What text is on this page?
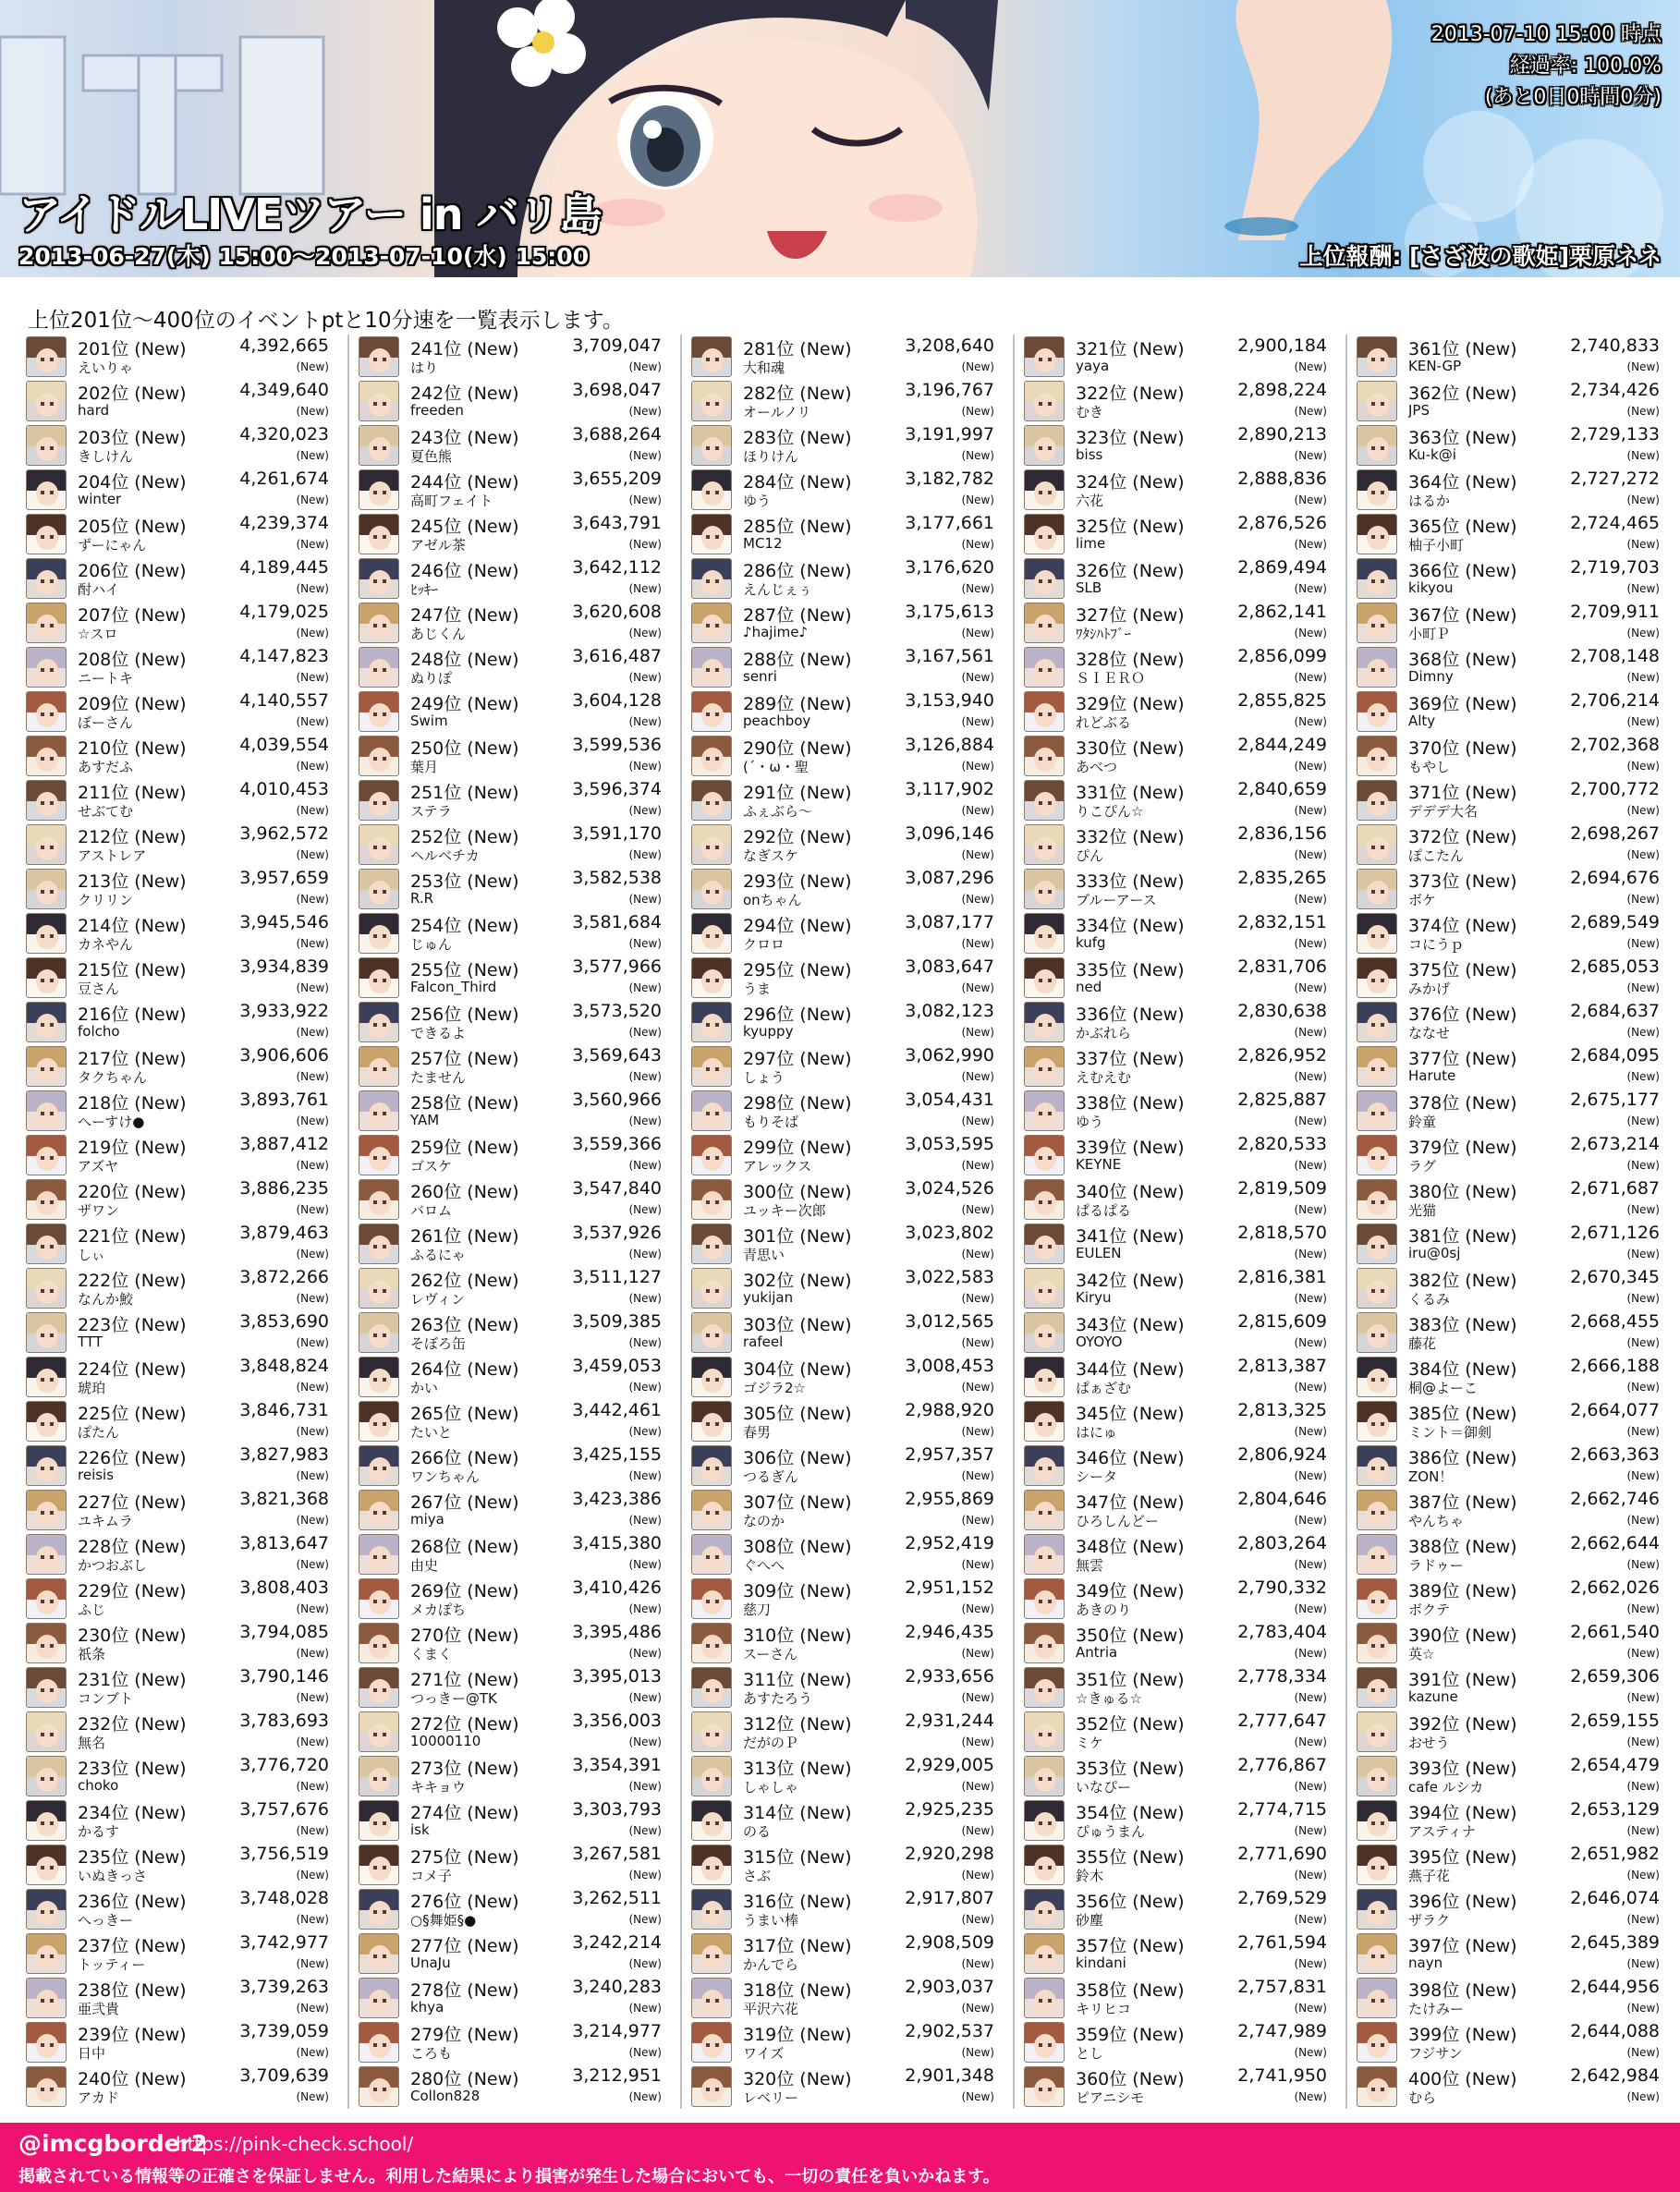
2013-07-10 15:00 時点
経過率: 100.0%
(あと0日0時間0分)
アイドルLIVEツアー in バリ島
2013-06-27(木) 15:00～2013-07-10(水) 15:00	上位報酬: [さざ波の歌姫]栗原ネネ
上位201位～400位のイベントptと10分速を一覧表示します。
201位 (New)	4,392,665
えいりゃ	(New)
202位 (New)	4,349,640
hard	(New)
203位 (New)	4,320,023
きしけん	(New)
204位 (New)	4,261,674
winter	(New)
205位 (New)	4,239,374
ずーにゃん	(New)
206位 (New)	4,189,445
酎ハイ	(New)
207位 (New)	4,179,025
☆スロ	(New)
208位 (New)	4,147,823
ニートキ	(New)
209位 (New)	4,140,557
ぼーさん	(New)
210位 (New)	4,039,554
あすだふ	(New)
211位 (New)	4,010,453
せぶてむ	(New)
212位 (New)	3,962,572
アストレア	(New)
213位 (New)	3,957,659
クリリン	(New)
214位 (New)	3,945,546
カネやん	(New)
215位 (New)	3,934,839
豆さん	(New)
216位 (New)	3,933,922
folcho	(New)
217位 (New)	3,906,606
タクちゃん	(New)
218位 (New)	3,893,761
へーすけ●	(New)
219位 (New)	3,887,412
アズヤ	(New)
220位 (New)	3,886,235
ザワン	(New)
221位 (New)	3,879,463
しぃ	(New)
222位 (New)	3,872,266
なんか鮫	(New)
223位 (New)	3,853,690
TTT	(New)
224位 (New)	3,848,824
琥珀	(New)
225位 (New)	3,846,731
ぽたん	(New)
226位 (New)	3,827,983
reisis	(New)
227位 (New)	3,821,368
ユキムラ	(New)
228位 (New)	3,813,647
かつおぶし	(New)
229位 (New)	3,808,403
ふじ	(New)
230位 (New)	3,794,085
祇条	(New)
231位 (New)	3,790,146
コンブト	(New)
232位 (New)	3,783,693
無名	(New)
233位 (New)	3,776,720
choko	(New)
234位 (New)	3,757,676
かるす	(New)
235位 (New)	3,756,519
いぬきっさ	(New)
236位 (New)	3,748,028
へっきー	(New)
237位 (New)	3,742,977
トッティー	(New)
238位 (New)	3,739,263
亜弐貴	(New)
239位 (New)	3,739,059
日中	(New)
240位 (New)	3,709,639
アカド	(New)
241位 (New)	3,709,047
はり	(New)
242位 (New)	3,698,047
freeden	(New)
243位 (New)	3,688,264
夏色熊	(New)
244位 (New)	3,655,209
高町フェイト	(New)
245位 (New)	3,643,791
アゼル茶	(New)
246位 (New)	3,642,112
ﾋｯｷｰ	(New)
247位 (New)	3,620,608
あじくん	(New)
248位 (New)	3,616,487
ぬりぽ	(New)
249位 (New)	3,604,128
Swim	(New)
250位 (New)	3,599,536
葉月	(New)
251位 (New)	3,596,374
ステラ	(New)
252位 (New)	3,591,170
ヘルベチカ	(New)
253位 (New)	3,582,538
R.R	(New)
254位 (New)	3,581,684
じゅん	(New)
255位 (New)	3,577,966
Falcon_Third	(New)
256位 (New)	3,573,520
できるよ	(New)
257位 (New)	3,569,643
たません	(New)
258位 (New)	3,560,966
YAM	(New)
259位 (New)	3,559,366
ゴスケ	(New)
260位 (New)	3,547,840
バロム	(New)
261位 (New)	3,537,926
ふるにゃ	(New)
262位 (New)	3,511,127
レヴィン	(New)
263位 (New)	3,509,385
そぼろ缶	(New)
264位 (New)	3,459,053
かい	(New)
265位 (New)	3,442,461
たいと	(New)
266位 (New)	3,425,155
ワンちゃん	(New)
267位 (New)	3,423,386
miya	(New)
268位 (New)	3,415,380
由史	(New)
269位 (New)	3,410,426
メカぽち	(New)
270位 (New)	3,395,486
くまく	(New)
271位 (New)	3,395,013
つっきー@TK	(New)
272位 (New)	3,356,003
10000110	(New)
273位 (New)	3,354,391
キキョウ	(New)
274位 (New)	3,303,793
isk	(New)
275位 (New)	3,267,581
コメ子	(New)
276位 (New)	3,262,511
○§舞姫§●	(New)
277位 (New)	3,242,214
UnaJu	(New)
278位 (New)	3,240,283
khya	(New)
279位 (New)	3,214,977
ころも	(New)
280位 (New)	3,212,951
Collon828	(New)
281位 (New)	3,208,640
大和魂	(New)
282位 (New)	3,196,767
オールノリ	(New)
283位 (New)	3,191,997
ほりけん	(New)
284位 (New)	3,182,782
ゆう	(New)
285位 (New)	3,177,661
MC12	(New)
286位 (New)	3,176,620
えんじぇぅ	(New)
287位 (New)	3,175,613
♪hajime♪	(New)
288位 (New)	3,167,561
senri	(New)
289位 (New)	3,153,940
peachboy	(New)
290位 (New)	3,126,884
(´・ω・聖	(New)
291位 (New)	3,117,902
ふぇぶら～	(New)
292位 (New)	3,096,146
なぎスケ	(New)
293位 (New)	3,087,296
onちゃん	(New)
294位 (New)	3,087,177
クロロ	(New)
295位 (New)	3,083,647
うま	(New)
296位 (New)	3,082,123
kyuppy	(New)
297位 (New)	3,062,990
しょう	(New)
298位 (New)	3,054,431
もりそば	(New)
299位 (New)	3,053,595
アレックス	(New)
300位 (New)	3,024,526
ユッキー次郎	(New)
301位 (New)	3,023,802
青思い	(New)
302位 (New)	3,022,583
yukijan	(New)
303位 (New)	3,012,565
rafeel	(New)
304位 (New)	3,008,453
ゴジラ2☆	(New)
305位 (New)	2,988,920
春男	(New)
306位 (New)	2,957,357
つるぎん	(New)
307位 (New)	2,955,869
なのか	(New)
308位 (New)	2,952,419
ぐへへ	(New)
309位 (New)	2,951,152
慈刀	(New)
310位 (New)	2,946,435
スーさん	(New)
311位 (New)	2,933,656
あすたろう	(New)
312位 (New)	2,931,244
だがのＰ	(New)
313位 (New)	2,929,005
しゃしゃ	(New)
314位 (New)	2,925,235
のる	(New)
315位 (New)	2,920,298
さぶ	(New)
316位 (New)	2,917,807
うまい棒	(New)
317位 (New)	2,908,509
かんでら	(New)
318位 (New)	2,903,037
平沢六花	(New)
319位 (New)	2,902,537
ワイズ	(New)
320位 (New)	2,901,348
レベリー	(New)
321位 (New)	2,900,184
yaya	(New)
322位 (New)	2,898,224
むき	(New)
323位 (New)	2,890,213
biss	(New)
324位 (New)	2,888,836
六花	(New)
325位 (New)	2,876,526
lime	(New)
326位 (New)	2,869,494
SLB	(New)
327位 (New)	2,862,141
ﾜﾀｼﾊﾄﾌﾞｰ	(New)
328位 (New)	2,856,099
ＳＩＥＲＯ	(New)
329位 (New)	2,855,825
れどぶる	(New)
330位 (New)	2,844,249
あべつ	(New)
331位 (New)	2,840,659
りこぴん☆	(New)
332位 (New)	2,836,156
ぴん	(New)
333位 (New)	2,835,265
ブルーアース	(New)
334位 (New)	2,832,151
kufg	(New)
335位 (New)	2,831,706
ned	(New)
336位 (New)	2,830,638
かぶれら	(New)
337位 (New)	2,826,952
えむえむ	(New)
338位 (New)	2,825,887
ゆう	(New)
339位 (New)	2,820,533
KEYNE	(New)
340位 (New)	2,819,509
ぱるぱる	(New)
341位 (New)	2,818,570
EULEN	(New)
342位 (New)	2,816,381
Kiryu	(New)
343位 (New)	2,815,609
OYOYO	(New)
344位 (New)	2,813,387
ぱぁざむ	(New)
345位 (New)	2,813,325
はにゅ	(New)
346位 (New)	2,806,924
シータ	(New)
347位 (New)	2,804,646
ひろしんどー	(New)
348位 (New)	2,803,264
無雲	(New)
349位 (New)	2,790,332
あきのり	(New)
350位 (New)	2,783,404
Antria	(New)
351位 (New)	2,778,334
☆きゅる☆	(New)
352位 (New)	2,777,647
ミケ	(New)
353位 (New)	2,776,867
いなぴー	(New)
354位 (New)	2,774,715
ぴゅうまん	(New)
355位 (New)	2,771,690
鈴木	(New)
356位 (New)	2,769,529
砂塵	(New)
357位 (New)	2,761,594
kindani	(New)
358位 (New)	2,757,831
キリヒコ	(New)
359位 (New)	2,747,989
とし	(New)
360位 (New)	2,741,950
ピアニシモ	(New)
361位 (New)	2,740,833
KEN-GP	(New)
362位 (New)	2,734,426
JPS	(New)
363位 (New)	2,729,133
Ku-k@i	(New)
364位 (New)	2,727,272
はるか	(New)
365位 (New)	2,724,465
柚子小町	(New)
366位 (New)	2,719,703
kikyou	(New)
367位 (New)	2,709,911
小町Ｐ	(New)
368位 (New)	2,708,148
Dimny	(New)
369位 (New)	2,706,214
Alty	(New)
370位 (New)	2,702,368
もやし	(New)
371位 (New)	2,700,772
デデデ大名	(New)
372位 (New)	2,698,267
ぽこたん	(New)
373位 (New)	2,694,676
ボケ	(New)
374位 (New)	2,689,549
コにうｐ	(New)
375位 (New)	2,685,053
みかげ	(New)
376位 (New)	2,684,637
ななせ	(New)
377位 (New)	2,684,095
Harute	(New)
378位 (New)	2,675,177
鈴童	(New)
379位 (New)	2,673,214
ラグ	(New)
380位 (New)	2,671,687
光猫	(New)
381位 (New)	2,671,126
iru@0sj	(New)
382位 (New)	2,670,345
くるみ	(New)
383位 (New)	2,668,455
藤花	(New)
384位 (New)	2,666,188
桐@よーこ	(New)
385位 (New)	2,664,077
ミント＝御剣	(New)
386位 (New)	2,663,363
ZON！	(New)
387位 (New)	2,662,746
やんちゃ	(New)
388位 (New)	2,662,644
ラドゥー	(New)
389位 (New)	2,662,026
ボクテ	(New)
390位 (New)	2,661,540
英☆	(New)
391位 (New)	2,659,306
kazune	(New)
392位 (New)	2,659,155
おせう	(New)
393位 (New)	2,654,479
cafe ルシカ	(New)
394位 (New)	2,653,129
アスティナ	(New)
395位 (New)	2,651,982
燕子花	(New)
396位 (New)	2,646,074
ザラク	(New)
397位 (New)	2,645,389
nayn	(New)
398位 (New)	2,644,956
たけみー	(New)
399位 (New)	2,644,088
フジサン	(New)
400位 (New)	2,642,984
むら	(New)
@imcgborder2
https://pink-check.school/
掲載されている情報等の正確さを保証しません。利用した結果により損害が発生した場合においても、一切の責任を負いかねます。
